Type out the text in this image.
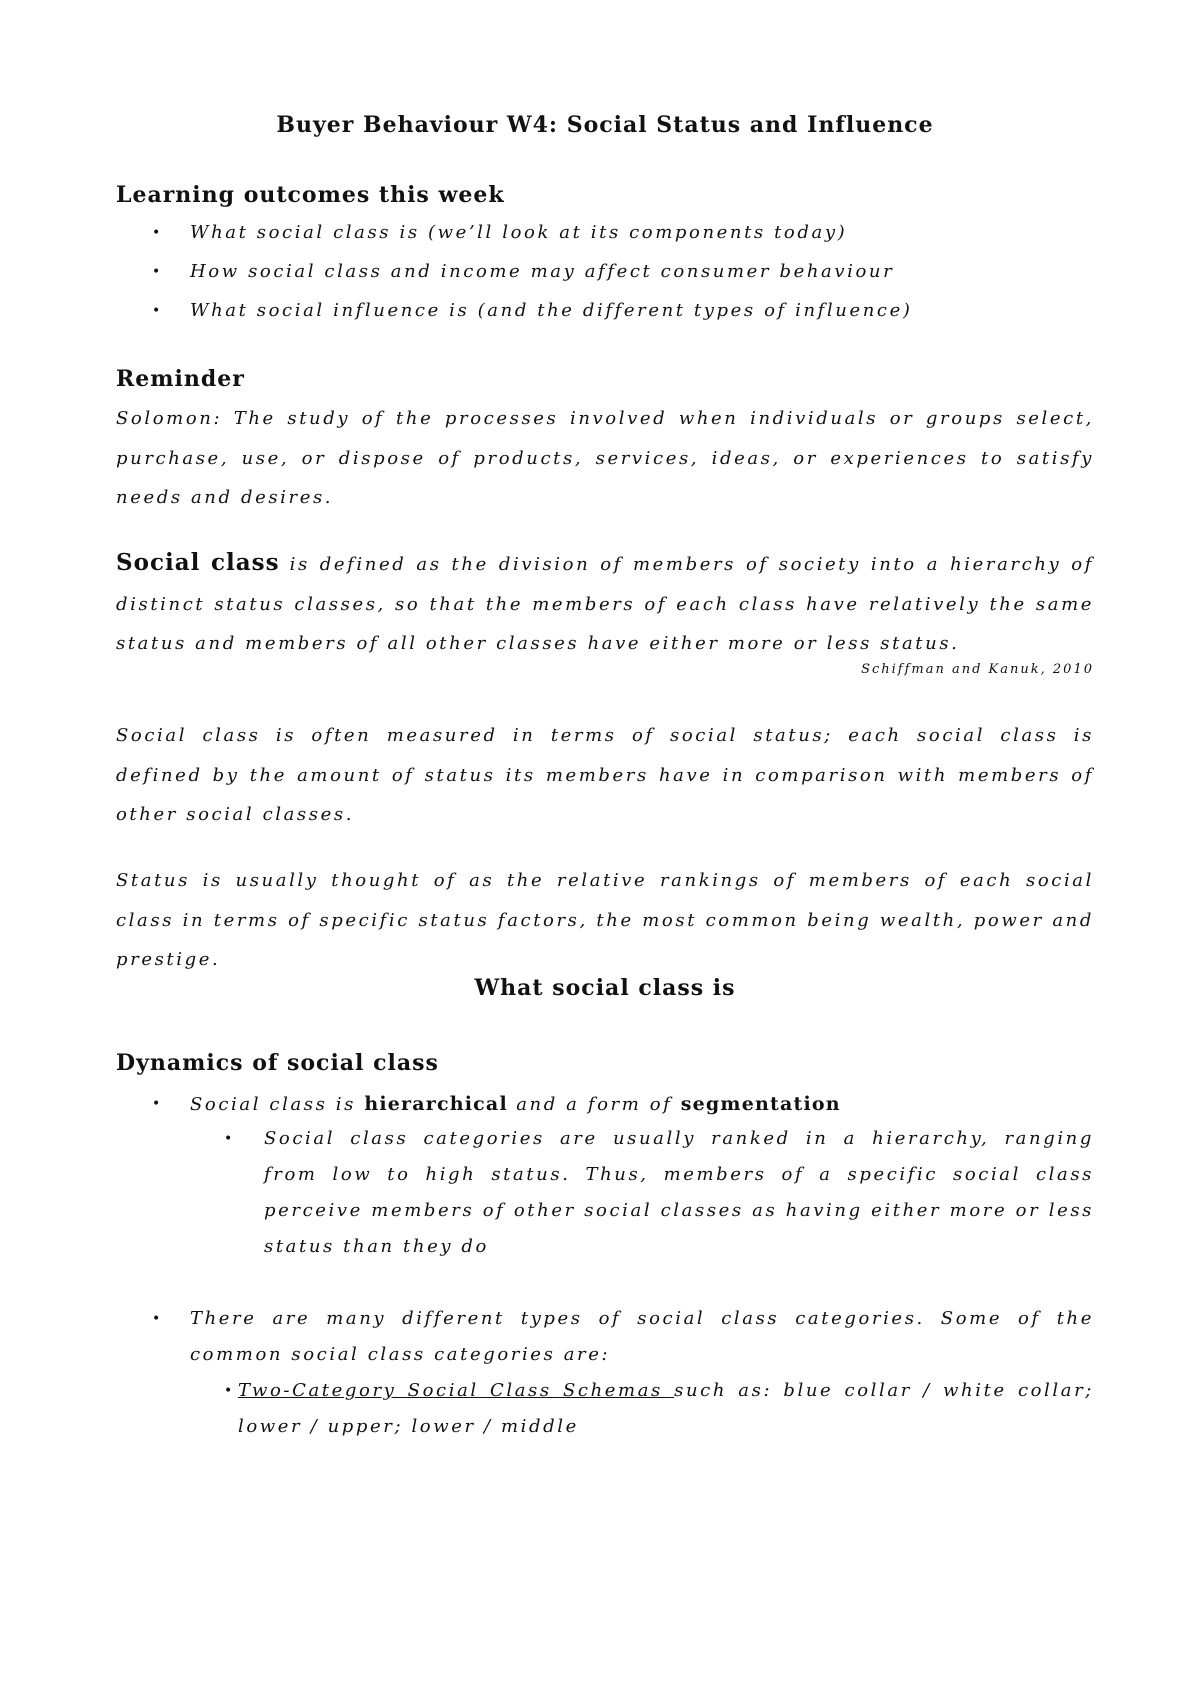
Buyer Behaviour W4: Social Status and Influence
Learning outcomes this week
• What social class is (we’ll look at its components today)
• How social class and income may affect consumer behaviour
• What social influence is (and the different types of influence)
Reminder

Solomon: The study of the processes involved when individuals or groups select, purchase, use, or dispose of products, services, ideas, or experiences to satisfy needs and desires.

Social class is defined as the division of members of society into a hierarchy of distinct status classes, so that the members of each class have relatively the same status and members of all other classes have either more or less status.

Schiffman and Kanuk, 2010

Social class is often measured in terms of social status; each social class is defined by the amount of status its members have in comparison with members of other social classes.

Status is usually thought of as the relative rankings of members of each social class in terms of specific status factors, the most common being wealth, power and prestige.

What social class is
Dynamics of social class
• Social class is hierarchical and a form of segmentation
• Social class categories are usually ranked in a hierarchy, ranging from low to high status. Thus, members of a specific social class perceive members of other social classes as having either more or less status than they do
• There are many different types of social class categories. Some of the common social class categories are:
• Two-Category Social Class Schemas such as: blue collar / white collar; lower / upper; lower / middle
